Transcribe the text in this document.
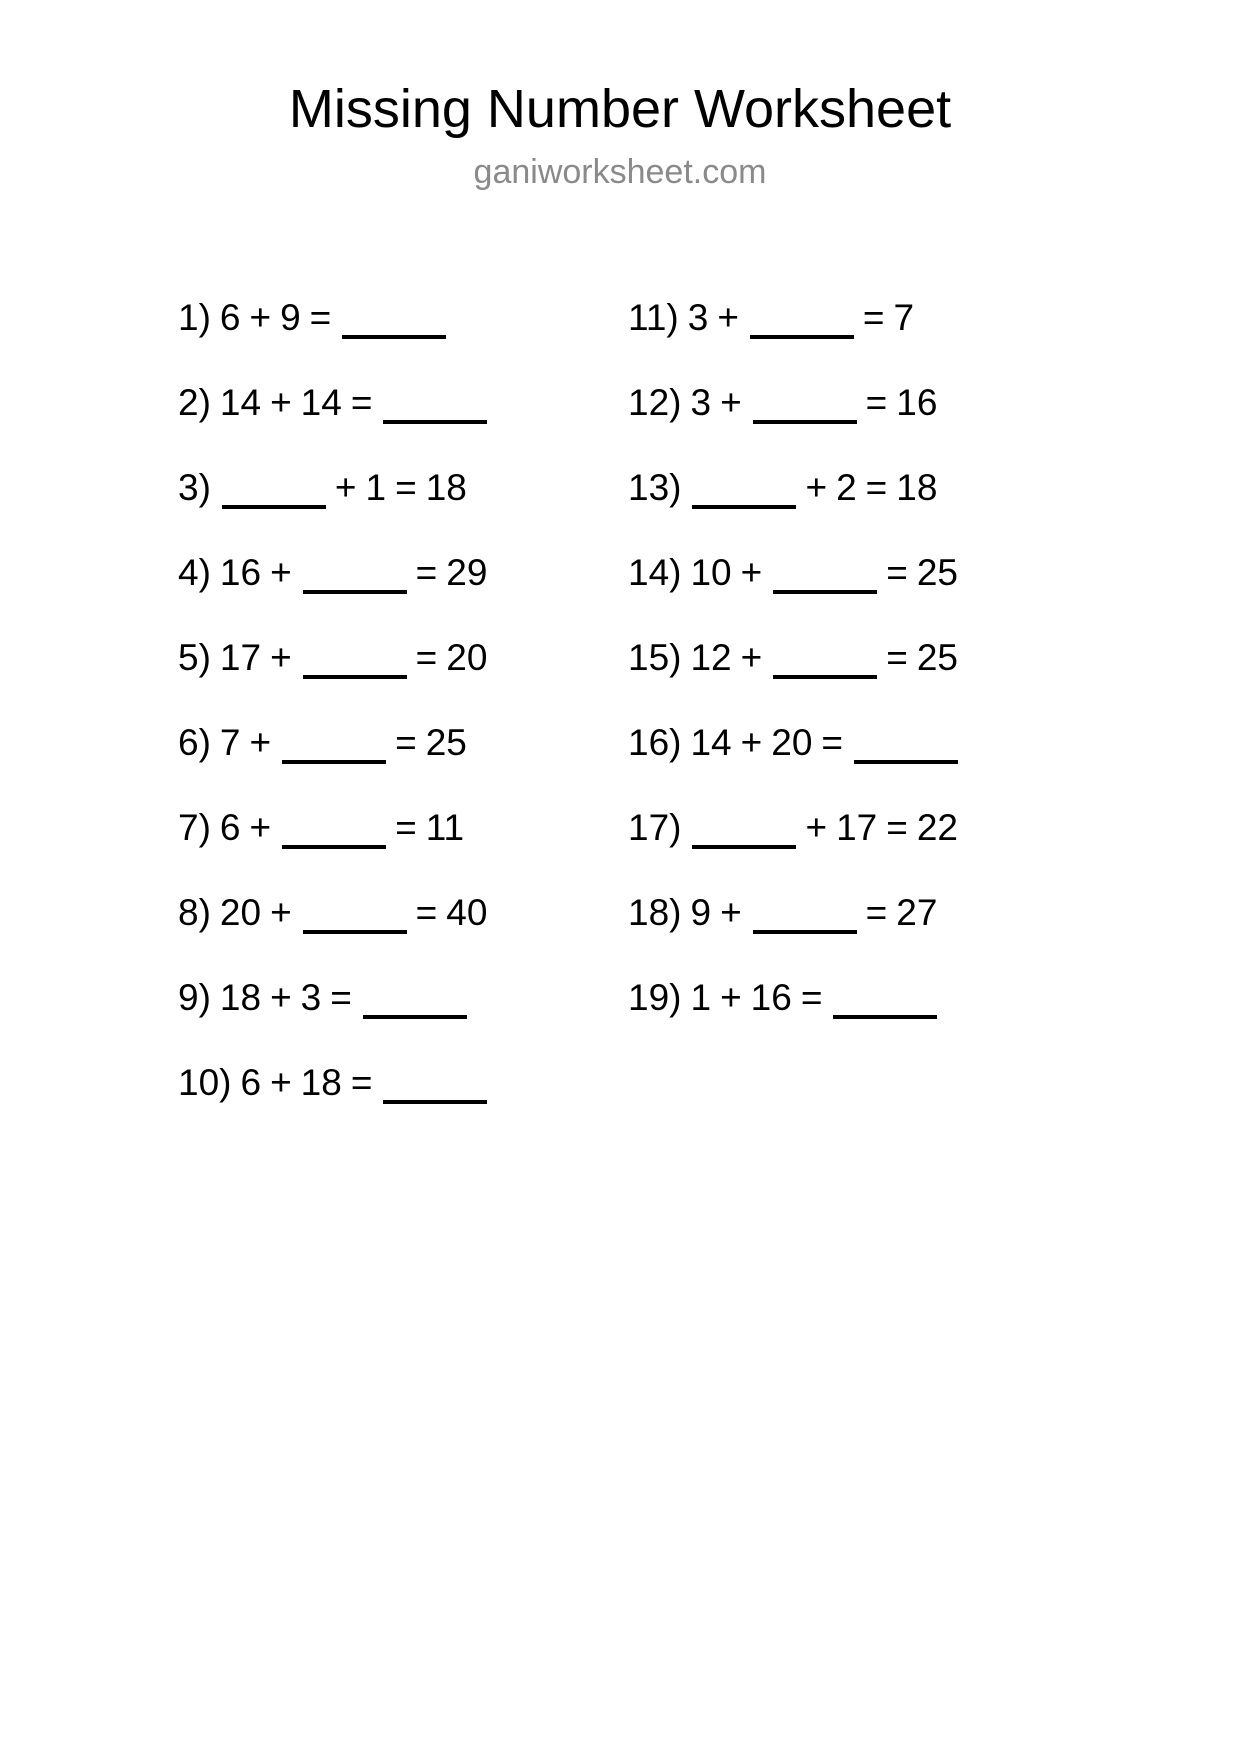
Missing Number Worksheet
ganiworksheet.com
1) 6 + 9 =
2) 14 + 14 =
3)	+ 1 = 18
4) 16 +	= 29
5) 17 +	= 20
6) 7 +	= 25
7) 6 +	= 11
8) 20 +	= 40
9) 18 + 3 =
10) 6 + 18 =
11) 3 +	= 7
12) 3 +	= 16
13)	+ 2 = 18
14) 10 +	= 25
15) 12 +	= 25
16) 14 + 20 =
17)	+ 17 = 22
18) 9 +	= 27
19) 1 + 16 =
